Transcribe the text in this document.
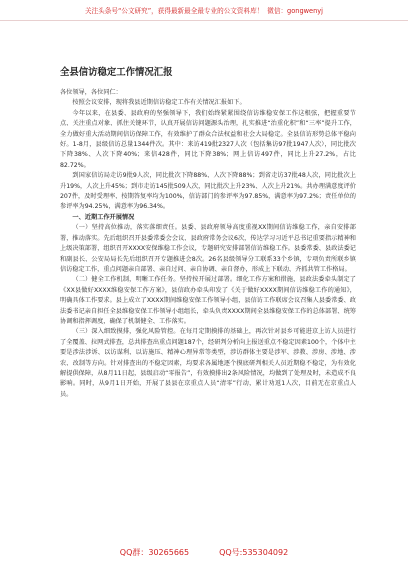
关注头条号“公文研究”，获得最新最全最专业的公文资料库！ 微信：gongwenyj
全县信访稳定工作情况汇报

各位领导，各位同仁：

按照会议安排，现将我县近期信访稳定工作有关情况汇报如下。

今年以来，在县委、县政府的坚强领导下，我们始终紧紧围绕信访维稳安保工作这根弦，把握重要节点、关注重点对象、抓住关键环节，认真开展信访问题源头治理，扎实推进“治重化积”和“三率”提升工作，全力做好重大活动期间信访保障工作，有效维护了群众合法权益和社会大局稳定。全县信访形势总体平稳向好。1-8月，县级信访总量1344件次。其中：来访419批2327人次（包括集访97批1947人次），同比批次下降38%、人次下降40%；来信428件，同比下降38%；网上信访497件，同比上升27.2%，占比82.72%。

到国家信访局走访9批9人次，同比批次下降88%、人次下降88%；到省走访37批48人次，同比批次上升19%，人次上升45%；到市走访145批509人次，同比批次上升23%、人次上升21%。共办理满意度评价207件，及时受理率、按期答复率均为100%，信访部门的参评率为97.85%，满意率为97.2%；责任单位的参评率为94.25%，满意率为96.34%。

一、近期工作开展情况

（一）坚持高位推动，落实落细责任。县委、县政府领导高度重视XX期间信访维稳工作，亲自安排部署，推动落实。先后组织召开县委常委会会议、县政府常务会议6次，传达学习习近平总书记重要指示精神和上级决策部署，组织召开XXXX安保维稳工作会议，专题研究安排部署信访维稳工作。县委常委、县政法委记和副县长、公安局局长先后组织召开专题推进会8次。26名县级领导分工联系33个乡镇，专项负责所联乡镇信访稳定工作，重点问题亲自部署、亲自过问、亲自协调、亲自督办，形成上下联动、齐抓共管工作格局。

（二）健全工作机制，明晰工作任务。坚持按开展过部署。细化工作方案和措施，县政法委牵头制定了《XX县做好XXXX维稳安保工作方案》，县信政办牵头印发了《关于做好XXXX期间信访维稳工作的通知》，明确具体工作要求。县上成立了XXXX期间维稳安保工作领导小组，县信访工作联席会议召集人县委常委、政法委书记亲自担任全县维稳安保工作领导小组组长，牵头负责XXXX期间全县维稳安保工作的总体部署、统筹协调和指挥调度，确保了机制健全、工作落实。

（三）深入细致摸排，强化风险管控。在每月定期摸排的基础上，再次针对县乡可能进京上访人员进行了全覆盖、拉网式排查，总共排查出重点问题187个，经研判分析向上报送重点不稳定因素100个，个体中主要是涉法涉诉、以访谋利、以访施压、精神心理异常等类型，涉访群体主要是涉军、涉教、涉房、涉地、涉农、改制等方向。针对排查出的不稳定因素，均要求各属地逐个摸底研判相关人员近期稳不稳定，为有效化解提供保障，从8月11日起，县级启动“零报告”，有效摸排出2条风险情况，均做到了处理及时，未造成不良影响。同时，从9月1日开始，开展了县县在京重点人员“清零”行动，累计劝返1人次，目前无在京重点人员。

QQ群：30265665	QQ号:535304092
